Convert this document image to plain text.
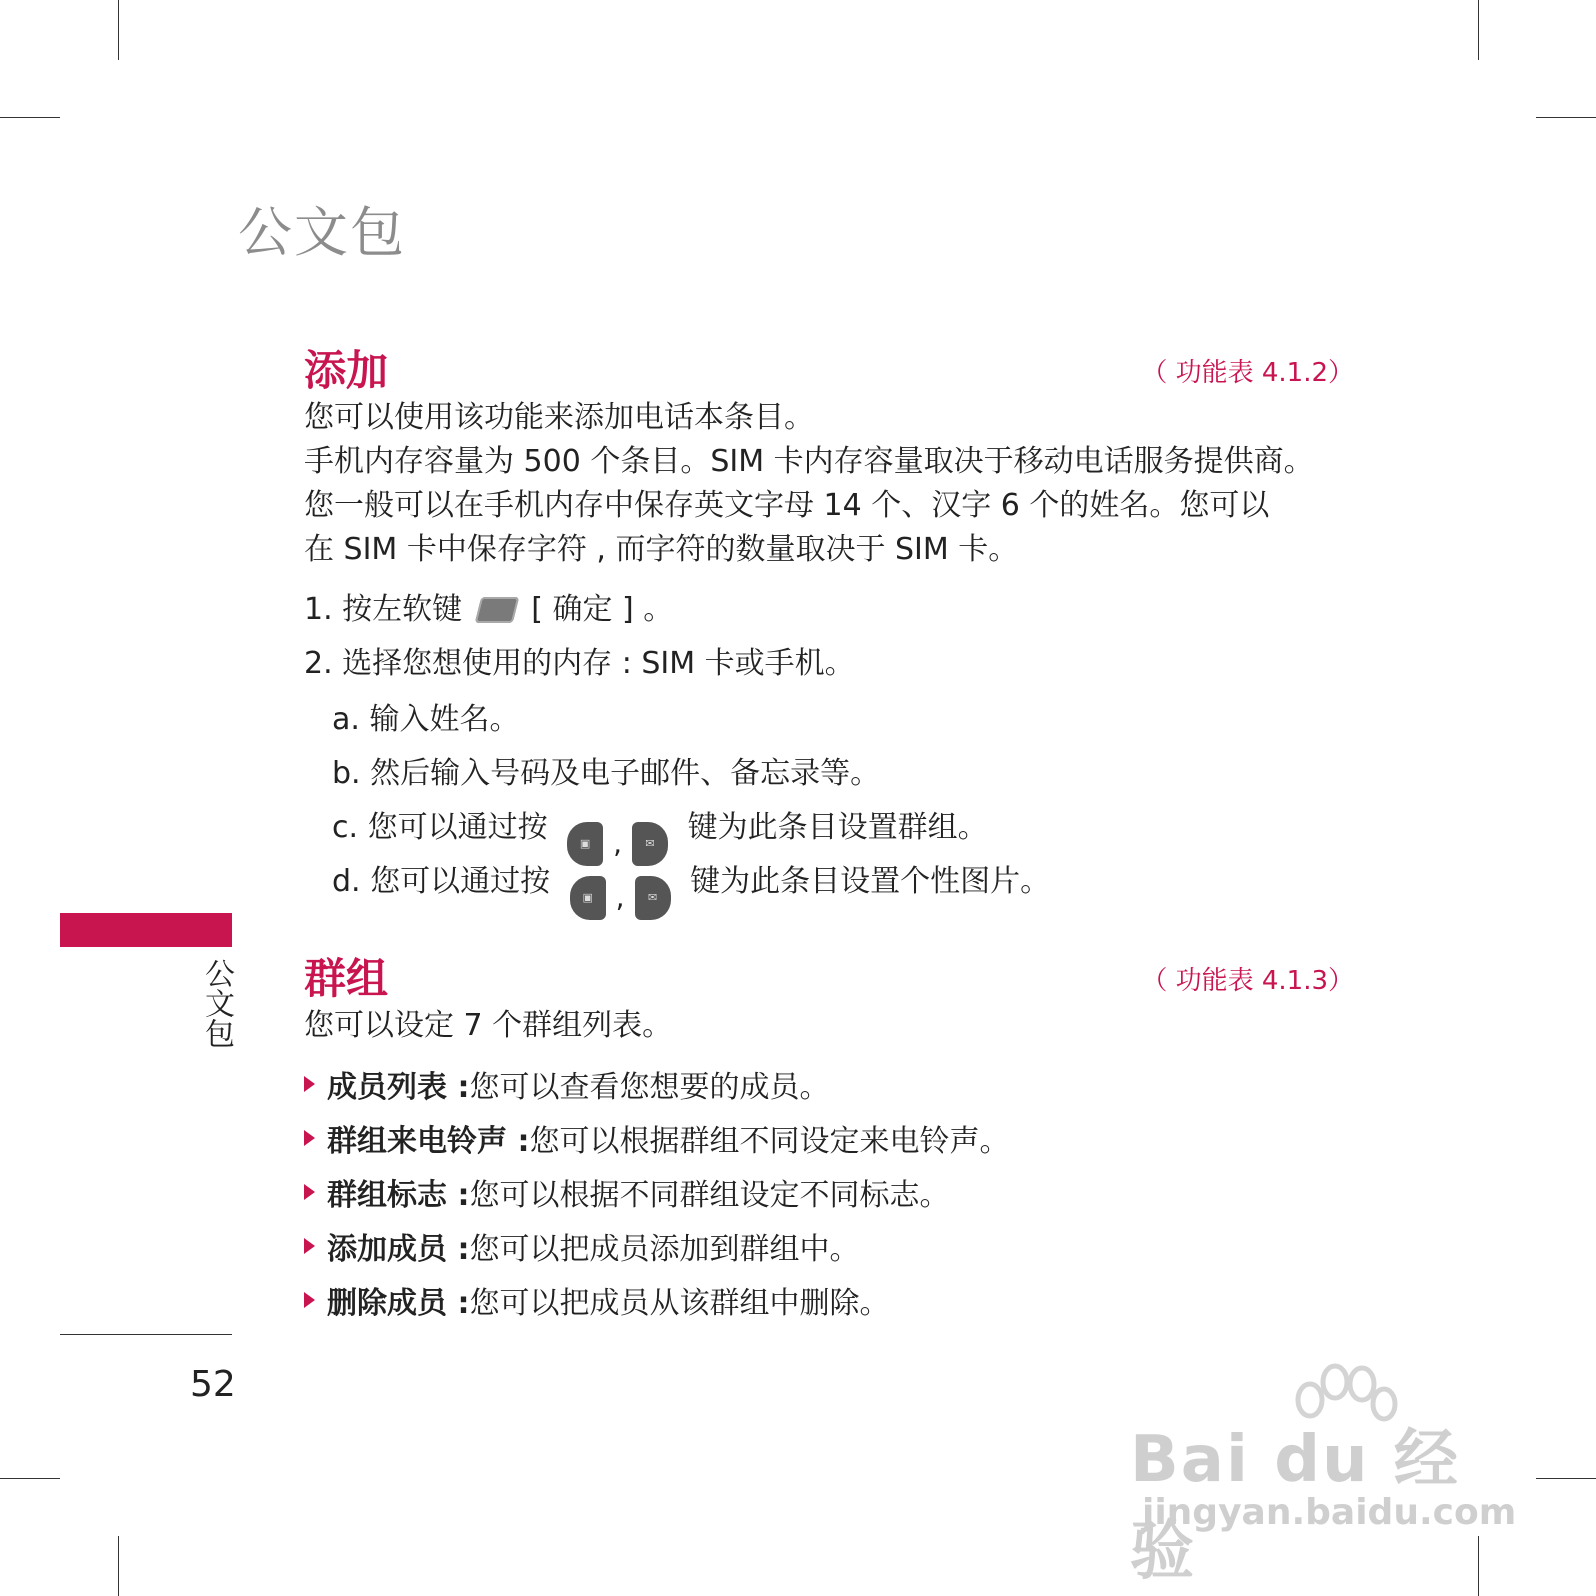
公文包
添加	（ 功能表 4.1.2）
您可以使用该功能来添加电话本条目。
手机内存容量为 500 个条目。SIM 卡内存容量取决于移动电话服务提供商。
您一般可以在手机内存中保存英文字母 14 个、汉字 6 个的姓名。您可以
在 SIM 卡中保存字符 , 而字符的数量取决于 SIM 卡。
1. 按左软键 [ 确定 ] 。
2. 选择您想使用的内存 : SIM 卡或手机。
a. 输入姓名。
b. 然后输入号码及电子邮件、备忘录等。
c. 您可以通过按	▣ ,	✉	键为此条目设置群组。
d. 您可以通过按	▣ ,	✉	键为此条目设置个性图片。
群组	（ 功能表 4.1.3）
您可以设定 7 个群组列表。
成员列表 : 您可以查看您想要的成员。
群组来电铃声 : 您可以根据群组不同设定来电铃声。
群组标志 : 您可以根据不同群组设定不同标志。
添加成员 : 您可以把成员添加到群组中。
删除成员 : 您可以把成员从该群组中删除。
公文包
52
Bai du 经验
jingyan.baidu.com
